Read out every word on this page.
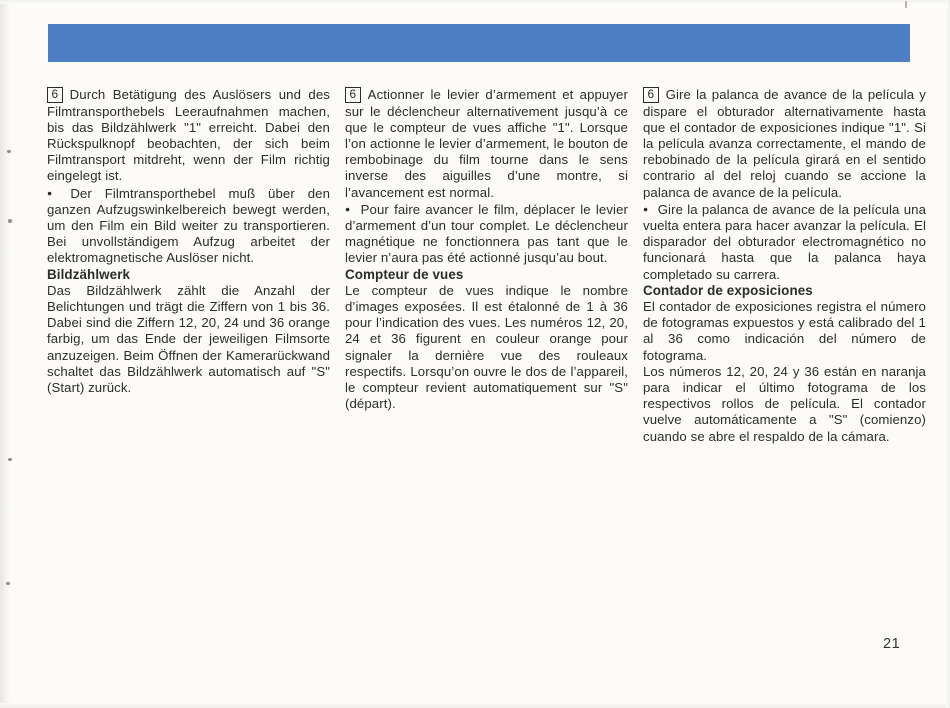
6 Durch Betätigung des Auslösers und des Filmtransporthebels Leeraufnahmen machen, bis das Bildzählwerk "1" erreicht. Dabei den Rückspulknopf beobachten, der sich beim Filmtransport mitdreht, wenn der Film richtig eingelegt ist.

● Der Filmtransporthebel muß über den ganzen Aufzugswinkelbereich bewegt werden, um den Film ein Bild weiter zu transportieren. Bei unvollständigem Aufzug arbeitet der elektromagnetische Auslöser nicht.

Bildzählwerk

Das Bildzählwerk zählt die Anzahl der Belichtungen und trägt die Ziffern von 1 bis 36. Dabei sind die Ziffern 12, 20, 24 und 36 orange farbig, um das Ende der jeweiligen Filmsorte anzuzeigen. Beim Öffnen der Kamerarückwand schaltet das Bildzählwerk automatisch auf "S" (Start) zurück.

6 Actionner le levier d’armement et appuyer sur le déclencheur alternativement jusqu’à ce que le compteur de vues affiche "1". Lorsque l’on actionne le levier d’armement, le bouton de rembobinage du film tourne dans le sens inverse des aiguilles d’une montre, si l’avancement est normal.

● Pour faire avancer le film, déplacer le levier d’armement d’un tour complet. Le déclencheur magnétique ne fonctionnera pas tant que le levier n’aura pas été actionné jusqu’au bout.

Compteur de vues

Le compteur de vues indique le nombre d’images exposées. Il est étalonné de 1 à 36 pour l’indication des vues. Les numéros 12, 20, 24 et 36 figurent en couleur orange pour signaler la dernière vue des rouleaux respectifs. Lorsqu’on ouvre le dos de l’appareil, le compteur revient automatiquement sur "S" (départ).

6 Gire la palanca de avance de la película y dispare el obturador alternativamente hasta que el contador de exposiciones indique "1". Si la película avanza correctamente, el mando de rebobinado de la película girará en el sentido contrario al del reloj cuando se accione la palanca de avance de la película.

● Gire la palanca de avance de la película una vuelta entera para hacer avanzar la película. El disparador del obturador electromagnético no funcionará hasta que la palanca haya completado su carrera.

Contador de exposiciones

El contador de exposiciones registra el número de fotogramas expuestos y está calibrado del 1 al 36 como indicación del número de fotograma.

Los números 12, 20, 24 y 36 están en naranja para indicar el último fotograma de los respectivos rollos de película. El contador vuelve automáticamente a "S" (comienzo) cuando se abre el respaldo de la cámara.

21
